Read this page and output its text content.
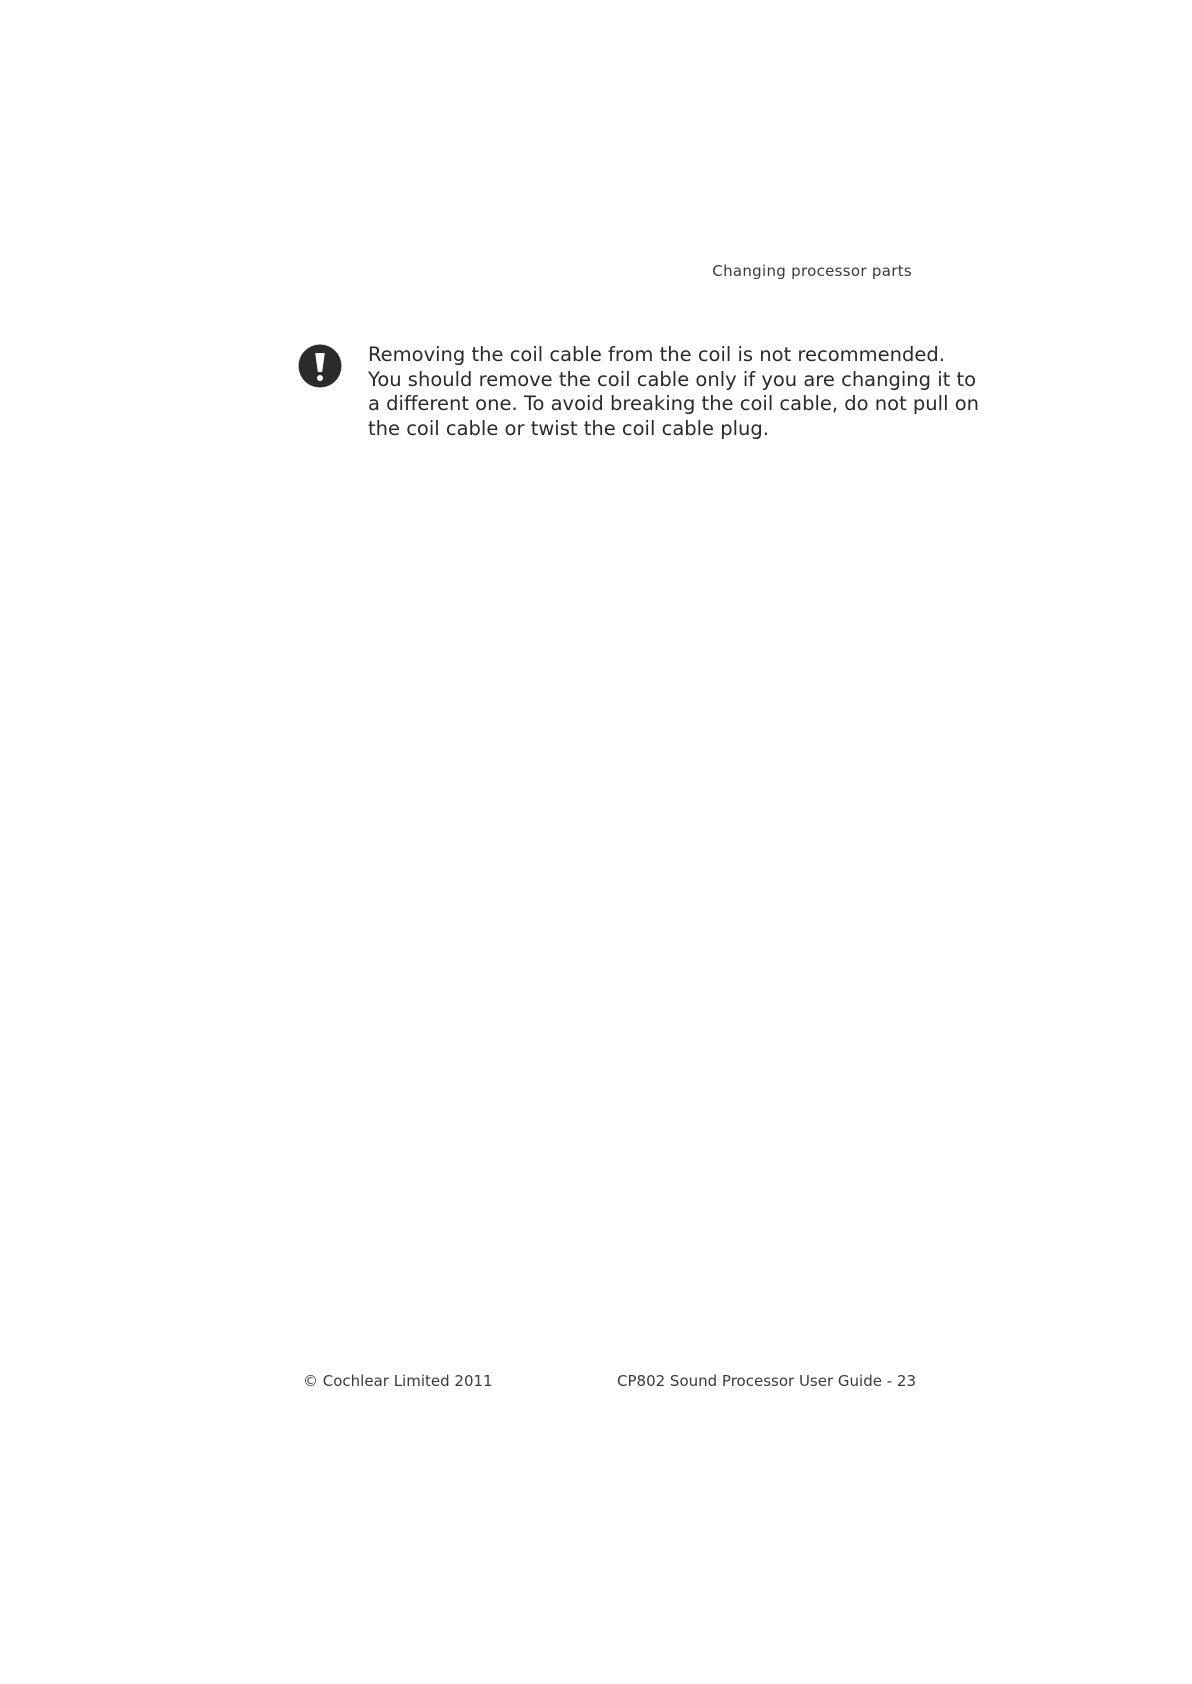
Changing processor parts
Removing the coil cable from the coil is not recommended.
You should remove the coil cable only if you are changing it to
a different one. To avoid breaking the coil cable, do not pull on
the coil cable or twist the coil cable plug.
© Cochlear Limited 2011	CP802 Sound Processor User Guide - 23
